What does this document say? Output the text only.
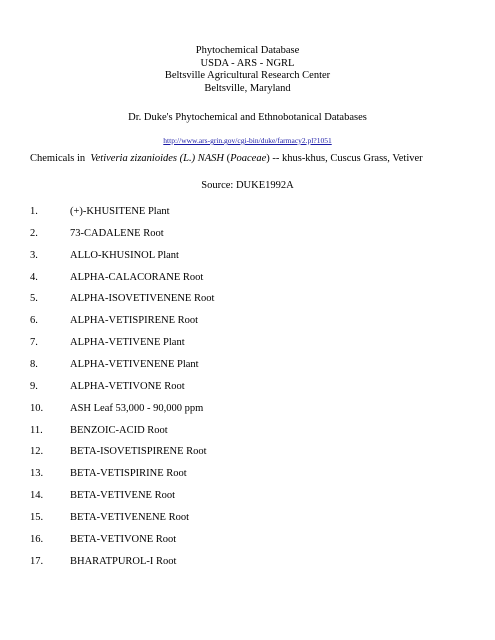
Phytochemical Database
USDA - ARS - NGRL
Beltsville Agricultural Research Center
Beltsville, Maryland
Dr. Duke's Phytochemical and Ethnobotanical Databases
http://www.ars-grin.gov/cgi-bin/duke/farmacy2.pl?1051
Chemicals in Vetiveria zizanioides (L.) NASH (Poaceae) -- khus-khus, Cuscus Grass, Vetiver
Source: DUKE1992A
1.	(+)-KHUSITENE Plant
2.	73-CADALENE Root
3.	ALLO-KHUSINOL Plant
4.	ALPHA-CALACORANE Root
5.	ALPHA-ISOVETIVENENE Root
6.	ALPHA-VETISPIRENE Root
7.	ALPHA-VETIVENE Plant
8.	ALPHA-VETIVENENE Plant
9.	ALPHA-VETIVONE Root
10.	ASH Leaf 53,000 - 90,000 ppm
11.	BENZOIC-ACID Root
12.	BETA-ISOVETISPIRENE Root
13.	BETA-VETISPIRINE Root
14.	BETA-VETIVENE Root
15.	BETA-VETIVENENE Root
16.	BETA-VETIVONE Root
17.	BHARATPUROL-I Root
